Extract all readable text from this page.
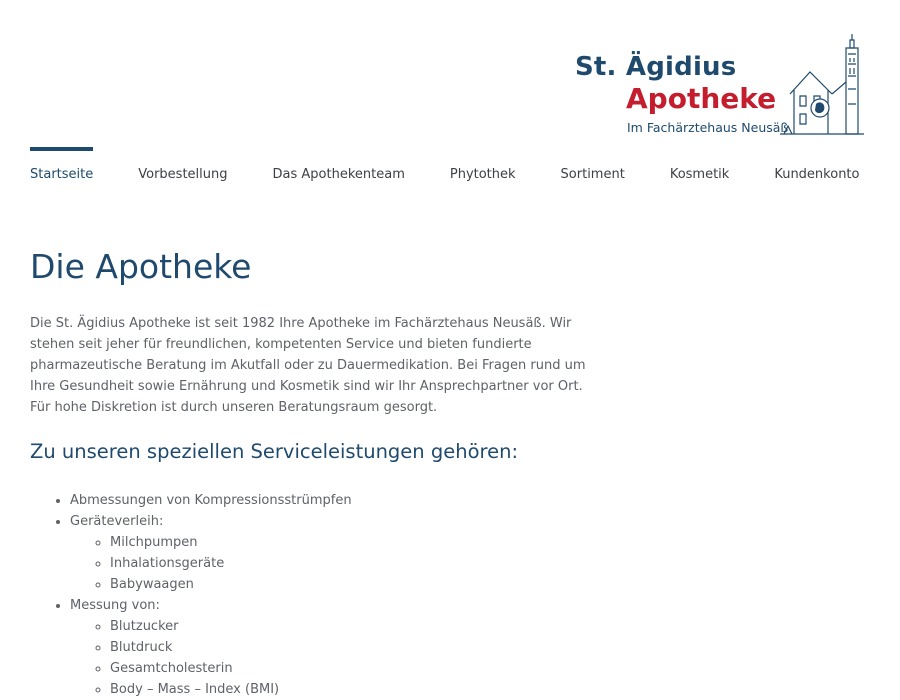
St. Ägidius
Apotheke
Im Fachärztehaus Neusäß
Startseite	Vorbestellung	Das Apothekenteam	Phytothek	Sortiment	Kosmetik	Kundenkonto
Die Apotheke

Die St. Ägidius Apotheke ist seit 1982 Ihre Apotheke im Fachärztehaus Neusäß. Wir stehen seit jeher für freundlichen, kompetenten Service und bieten fundierte pharmazeutische Beratung im Akutfall oder zu Dauermedikation. Bei Fragen rund um Ihre Gesundheit sowie Ernährung und Kosmetik sind wir Ihr Ansprechpartner vor Ort. Für hohe Diskretion ist durch unseren Beratungsraum gesorgt.

Zu unseren speziellen Serviceleistungen gehören:
• Abmessungen von Kompressionsstrümpfen
• Geräteverleih:
◦ Milchpumpen
◦ Inhalationsgeräte
◦ Babywaagen
• Messung von:
◦ Blutzucker
◦ Blutdruck
◦ Gesamtcholesterin
◦ Body – Mass – Index (BMI)
